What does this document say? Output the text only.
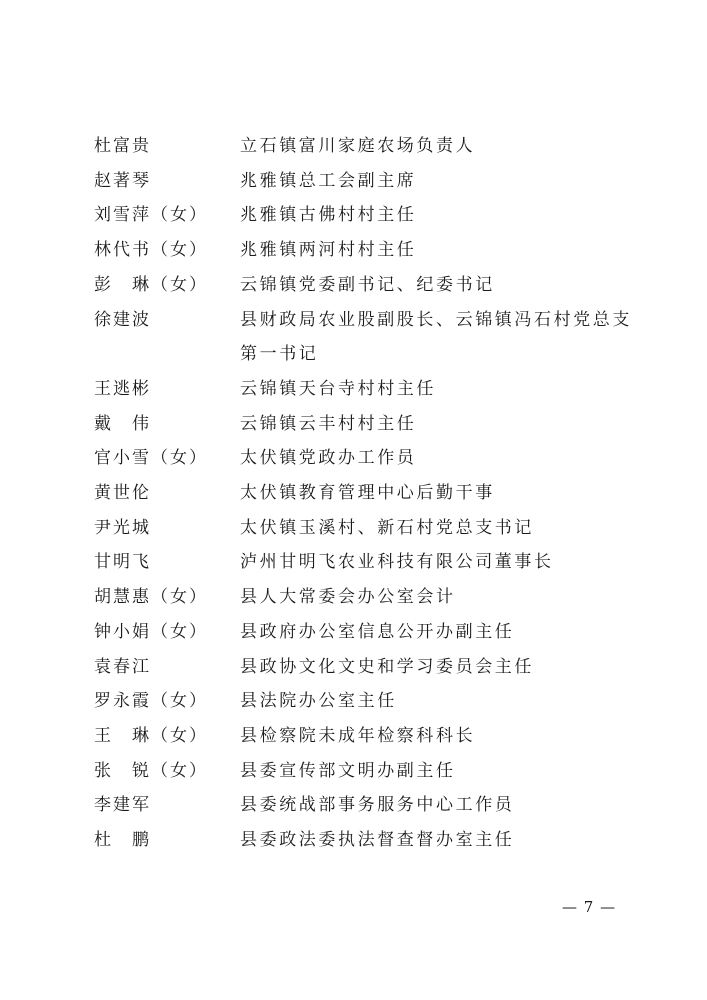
杜富贵	立石镇富川家庭农场负责人
赵著琴	兆雅镇总工会副主席
刘雪萍（女）	兆雅镇古佛村村主任
林代书（女）	兆雅镇两河村村主任
彭　琳（女）	云锦镇党委副书记、纪委书记
徐建波	县财政局农业股副股长、云锦镇冯石村党总支
第一书记
王逃彬	云锦镇天台寺村村主任
戴　伟	云锦镇云丰村村主任
官小雪（女）	太伏镇党政办工作员
黄世伦	太伏镇教育管理中心后勤干事
尹光城	太伏镇玉溪村、新石村党总支书记
甘明飞	泸州甘明飞农业科技有限公司董事长
胡慧惠（女）	县人大常委会办公室会计
钟小娟（女）	县政府办公室信息公开办副主任
袁春江	县政协文化文史和学习委员会主任
罗永霞（女）	县法院办公室主任
王　琳（女）	县检察院未成年检察科科长
张　锐（女）	县委宣传部文明办副主任
李建军	县委统战部事务服务中心工作员
杜　鹏	县委政法委执法督查督办室主任
— 7 —
